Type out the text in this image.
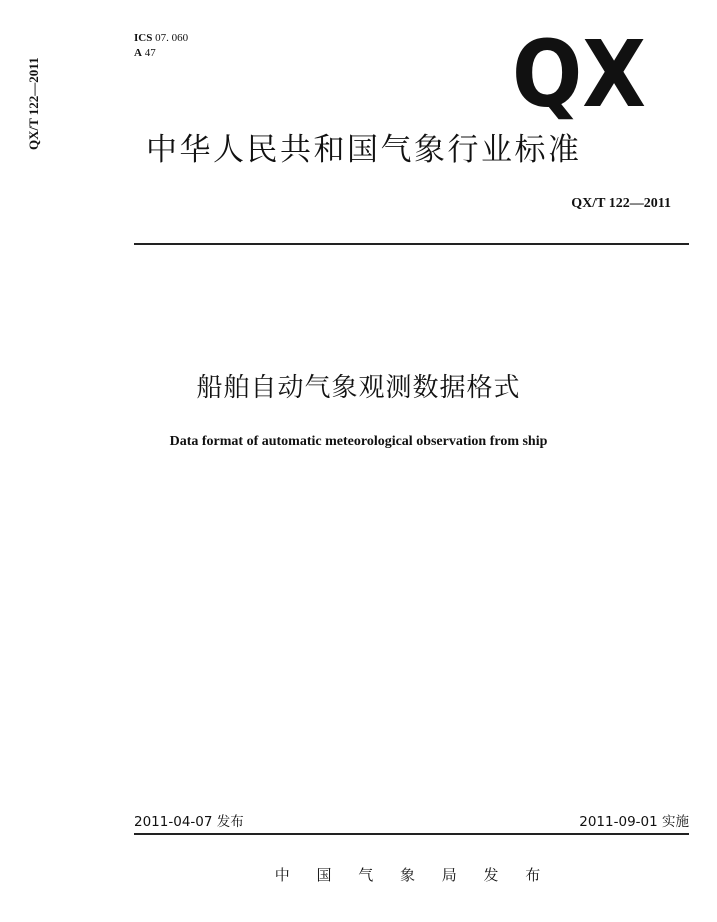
QX/T 122—2011
ICS 07. 060
A 47	QX
中华人民共和国气象行业标准
QX/T 122—2011
船舶自动气象观测数据格式
Data format of automatic meteorological observation from ship
2011-04-07 发布	2011-09-01 实施
中 国 气 象 局 发 布
